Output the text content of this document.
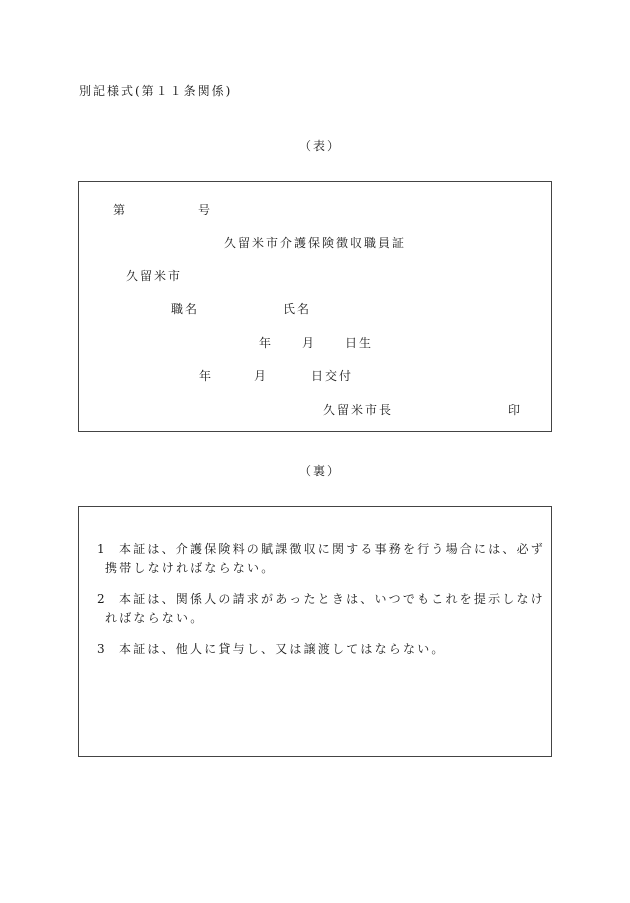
別記様式(第１１条関係)
（表）
第	号
久留米市介護保険徴収職員証
久留米市
職名	氏名
年 月 日生
年	月	日交付
久留米市長	印
（裏）
1 本証は、介護保険料の賦課徴収に関する事務を行う場合には、必ず
携帯しなければならない。
2 本証は、関係人の請求があったときは、いつでもこれを提示しなけ
ればならない。
3 本証は、他人に貸与し、又は譲渡してはならない。
